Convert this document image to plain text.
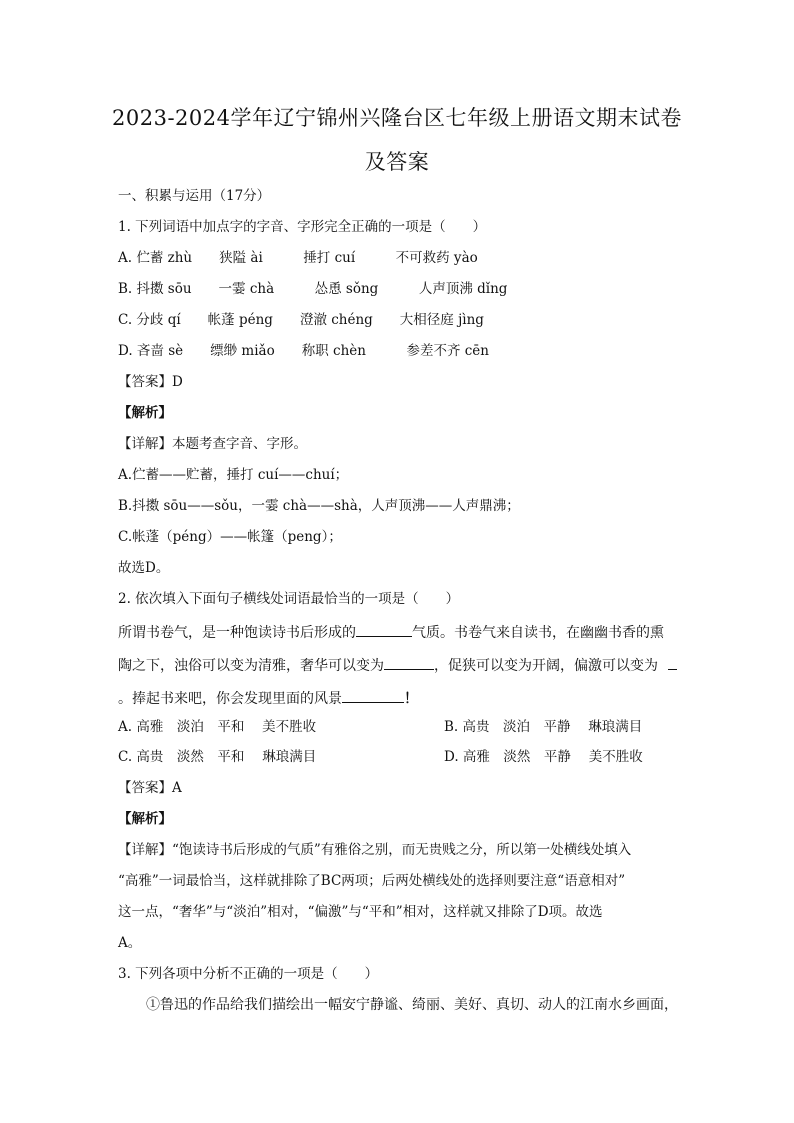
2023-2024学年辽宁锦州兴隆台区七年级上册语文期末试卷
及答案
一、积累与运用（17分）
1. 下列词语中加点字的字音、字形完全正确的一项是（　　）
A. 伫蓄 zhù　　狭隘 ài　　　捶打 cuí　　　不可救药 yào
B. 抖擞 sōu　　一霎 chà　　　怂恿 sǒng　　　人声顶沸 dǐng
C. 分歧 qí　　帐蓬 péng　　澄澈 chéng　　大相径庭 jìng
D. 吝啬 sè　　缥缈 miǎo　　称职 chèn　　　参差不齐 cēn
【答案】D
【解析】
【详解】本题考查字音、字形。
A.伫蓄——贮蓄，捶打 cuí——chuí；
B.抖擞 sōu——sǒu，一霎 chà——shà，人声顶沸——人声鼎沸；
C.帐蓬（péng）——帐篷（peng）；
故选D。
2. 依次填入下面句子横线处词语最恰当的一项是（　　）
所谓书卷气，是一种饱读诗书后形成的	气质。书卷气来自读书，在幽幽书香的熏
陶之下，浊俗可以变为清雅，奢华可以变为	，促狭可以变为开阔，偏激可以变为
。捧起书来吧，你会发现里面的风景	！
A. 高雅　淡泊　平和　 美不胜收	B. 高贵　淡泊　平静　 琳琅满目
C. 高贵　淡然　平和　 琳琅满目	D. 高雅　淡然　平静　 美不胜收
【答案】A
【解析】
【详解】“饱读诗书后形成的气质”有雅俗之别，而无贵贱之分，所以第一处横线处填入
“高雅”一词最恰当，这样就排除了BC两项；后两处横线处的选择则要注意“语意相对”
这一点，“奢华”与“淡泊”相对，“偏激”与“平和”相对，这样就又排除了D项。故选
A。
3. 下列各项中分析不正确的一项是（　　）
①鲁迅的作品给我们描绘出一幅安宁静谧、绮丽、美好、真切、动人的江南水乡画面，
